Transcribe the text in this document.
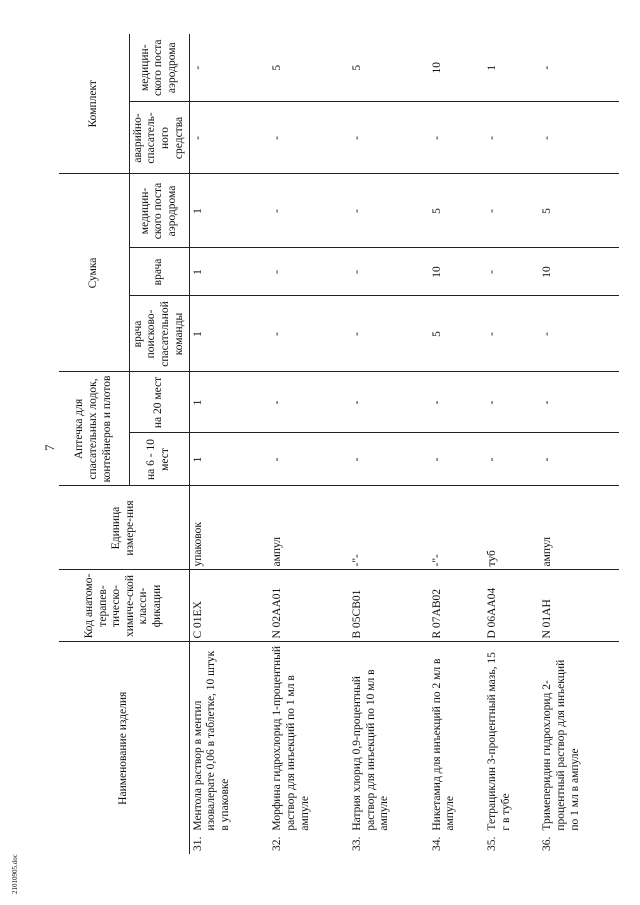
7
21010905.doc
Наименование изделия	Код анатомо-терапев-тическо-химиче-ской класси-фикации	Единица измере-ния	Аптечка для спасательных лодок, контейнеров и плотов		Сумка			Комплект	

			на 6 - 10 мест	на 20 мест	врача поисково-спасательной команды	врача	медицин-ского поста аэродрома	аварийно-спасатель-ного средства	медицин-ского поста аэродрома

31.
Ментола раствор в ментил изовалерате 0,06 в таблетке, 10 штук в упаковке	С 01ЕХ	упаковок	1	1	1	1	1	-	-

32.
Морфина гидрохлорид 1-процентный раствор для инъекций по 1 мл в ампуле	N 02АА01	ампул	-	-	-	-	-	-	5

33.
Натрия хлорид 0,9-процентный раствор для инъекций по 10 мл в ампуле	В 05СВ01	-"-	-	-	-	-	-	-	5

34.
Никетамид для инъекций по 2 мл в ампуле	R 07АВ02	-"-	-	-	5	10	5	-	10

35.
Тетрациклин 3-процентный мазь, 15 г в тубе	D 06АА04	туб	-	-	-	-	-	-	1

36.
Тримеперидин гидрохлорид 2-процентный раствор для инъекций по 1 мл в ампуле	N 01АН	ампул	-	-	-	10	5	-	-
